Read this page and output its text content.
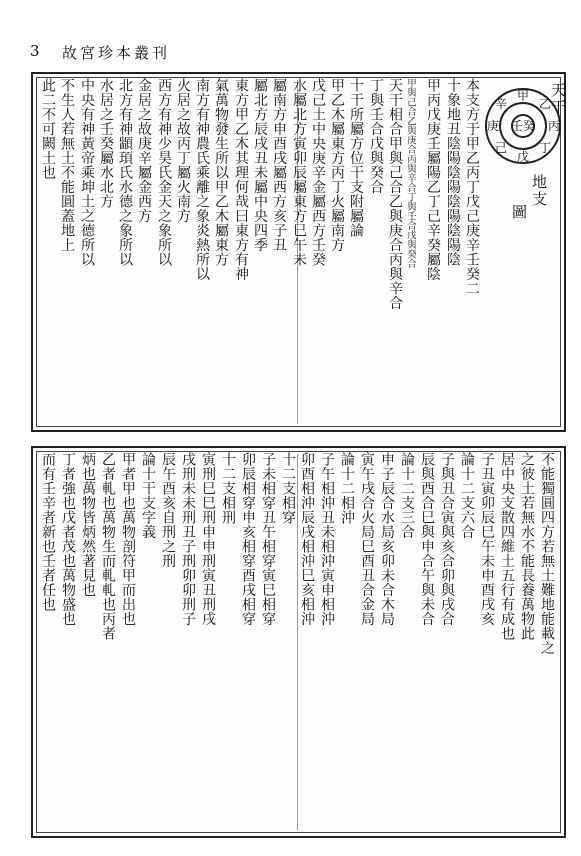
3 故宮珍本叢刊
甲
乙
丙
丁
戊
己
庚
辛
壬 癸
天干
地支
圖
本支方于甲乙丙丁戊己庚辛壬癸二
十象地丑陰陽陰陽陰陽陰陽陰
甲丙戊庚壬屬陽乙丁己辛癸屬陰
甲與己合乙與庚合丙與辛合丁與壬合戊與癸合
天干相合甲與己合乙與庚合丙與辛合
丁與壬合戊與癸合
十干所屬方位干支附屬論
甲乙木屬東方丙丁火屬南方
戊己土中央庚辛金屬西方壬癸
水屬北方寅卯辰屬東方巳午未
屬南方申酉戌屬西方亥子丑
屬北方辰戌丑未屬中央四季
東方甲乙木其理何哉曰東方有神
氣萬物發生所以甲乙木屬東方
南方有神農氏乘離之象炎熱所以
火居之故丙丁屬火南方
西方有神少昊氏金天之象所以
金居之故庚辛屬金西方
北方有神顓頊氏水德之象所以
水居之壬癸屬水北方
中央有神黃帝乘坤土之德所以
不生人若無土不能圓蓋地上
此二不可闕土也
不能獨圓四方若無土難地能載之
之彼土若無水不能長養萬物此
居中央支散四維土五行有成也
子丑寅卯辰巳午未申酉戌亥
論十二支六合
子與丑合寅與亥合卯與戌合
辰與酉合巳與申合午與未合
論十二支三合
申子辰合水局亥卯未合木局
寅午戌合火局巳酉丑合金局
論十二相沖
子午相沖丑未相沖寅申相沖
卯酉相沖辰戌相沖巳亥相沖
十二支相穿
子未相穿丑午相穿寅巳相穿
卯辰相穿申亥相穿酉戌相穿
十二支相刑
寅刑巳巳刑申申刑寅丑刑戌
戌刑未未刑丑子刑卯卯刑子
辰午酉亥自刑之刑
論十干支字義
甲者甲也萬物剖符甲而出也
乙者軋也萬物生而軋軋也丙者
炳也萬物皆炳然著見也
丁者強也戊者茂也萬物盛也
而有壬辛者新也壬者任也
